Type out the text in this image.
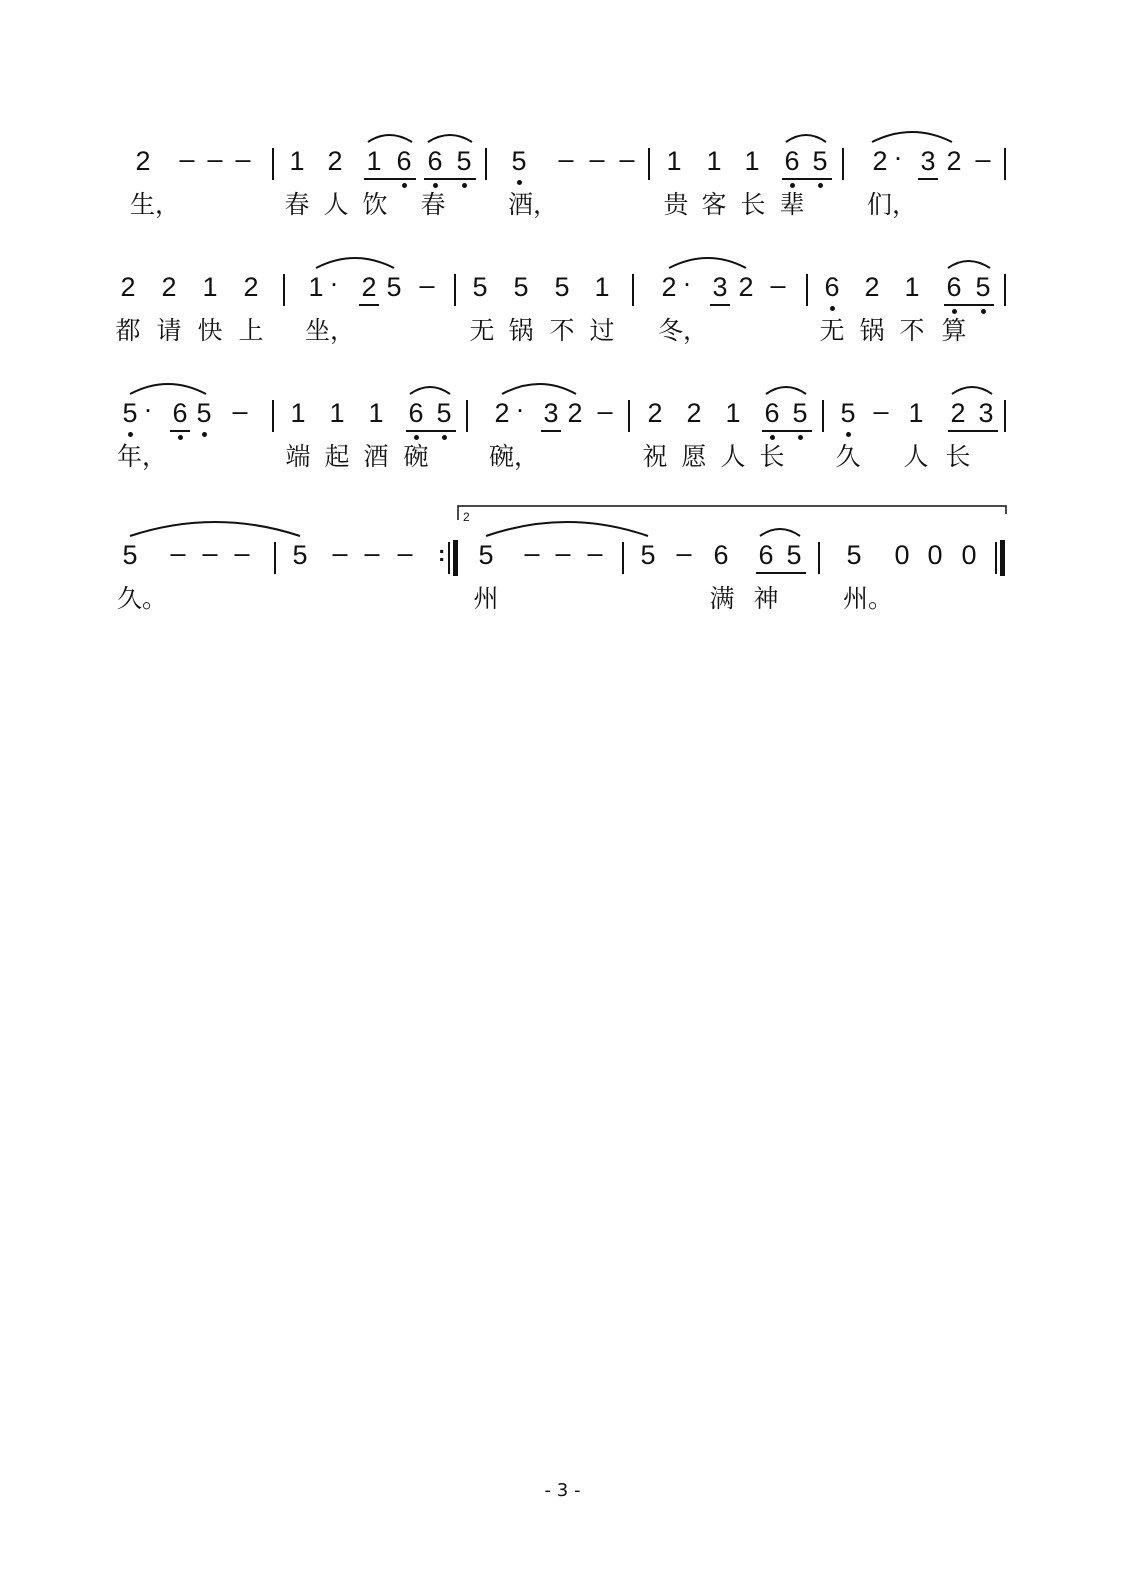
2 – – – 1 2 1 6 6 5 5 – – – 1 1 1 6 5 2 · 3 2 –
生，	春 人 饮 春 酒，	贵 客 长 辈 们，
2 2 1 2 1 · 2 5 – 5 5 5 1 2 · 3 2 – 6 2 1 6 5
都 请 快 上 坐，	无 锅 不 过 冬，	无 锅 不 算
5 · 6 5 – 1 1 1 6 5 2 · 3 2 – 2 2 1 6 5 5 – 1 2 3
年，	端 起 酒 碗 碗，	祝 愿 人 长 久 人 长
5 – – – 5 – – – : 5 – – – 5 – 6 6 5 5 0 0 0
2
久。	州	满 神	州。
- 3 -
